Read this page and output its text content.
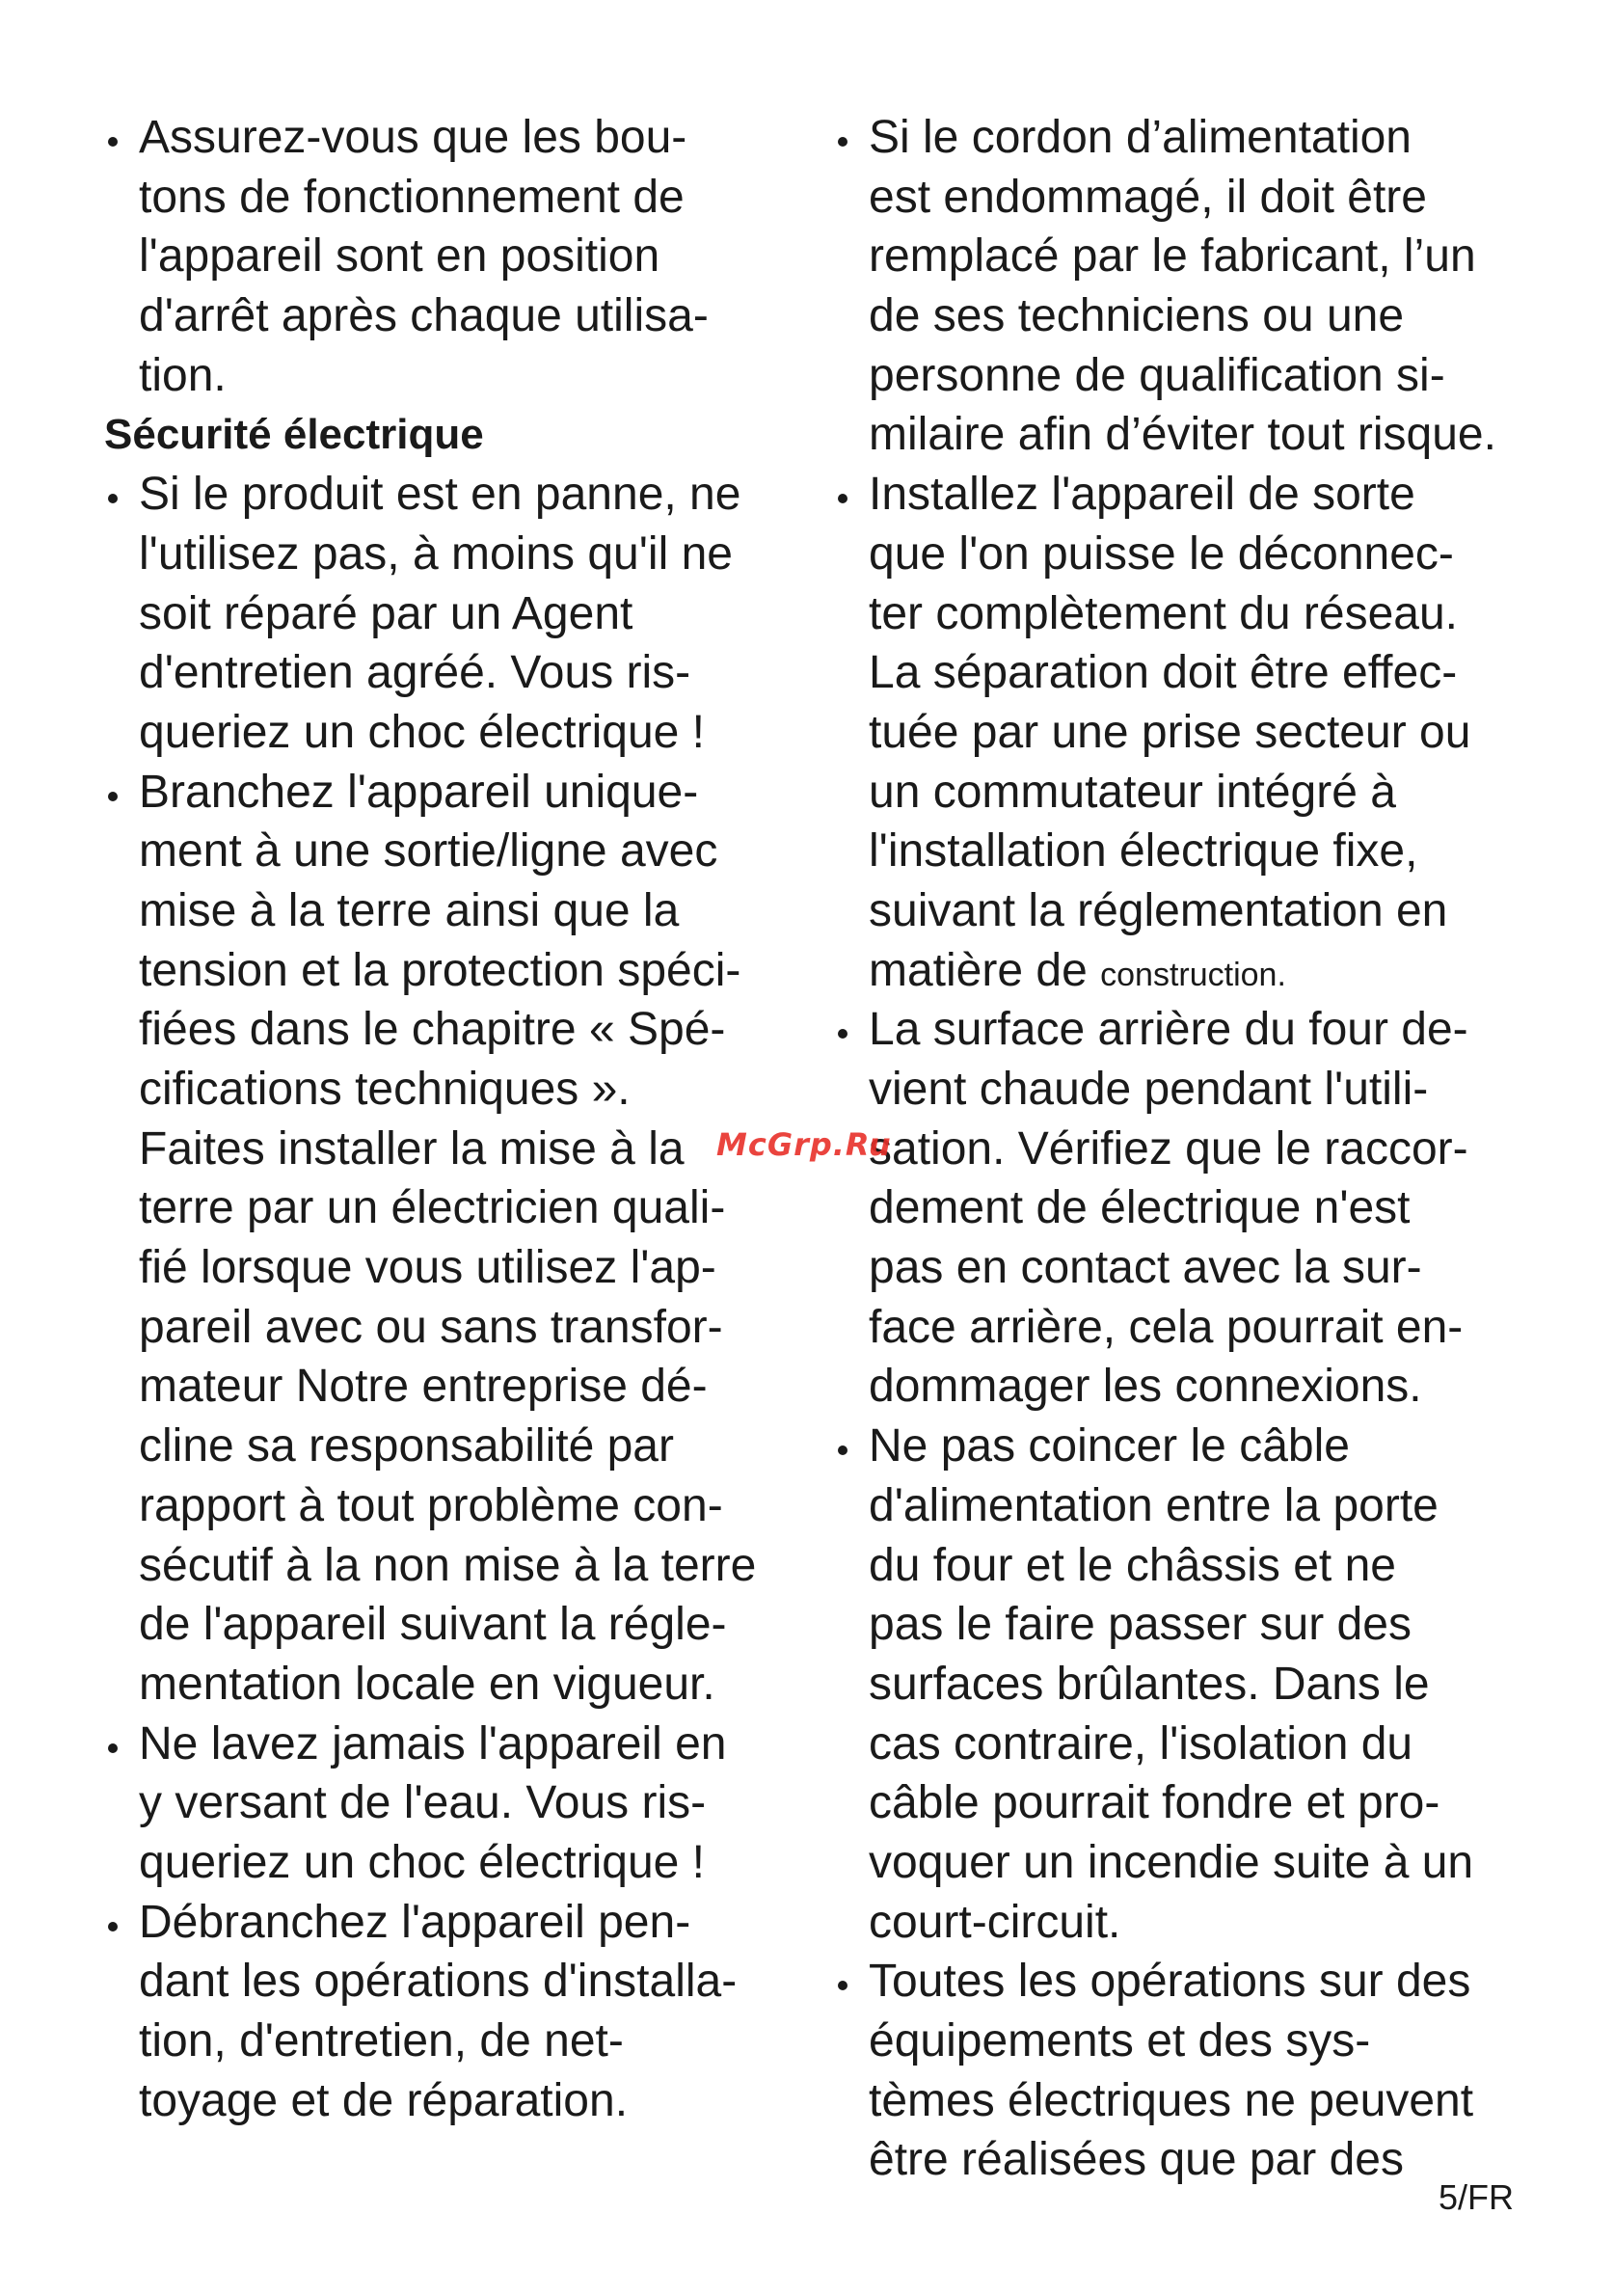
Assurez-vous que les bou-
tons de fonctionnement de
l'appareil sont en position
d'arrêt après chaque utilisa-
tion.
Sécurité électrique
Si le produit est en panne, ne
l'utilisez pas, à moins qu'il ne
soit réparé par un Agent
d'entretien agréé. Vous ris-
queriez un choc électrique !
Branchez l'appareil unique-
ment à une sortie/ligne avec
mise à la terre ainsi que la
tension et la protection spéci-
fiées dans le chapitre « Spé-
cifications techniques ».
Faites installer la mise à la
terre par un électricien quali-
fié lorsque vous utilisez l'ap-
pareil avec ou sans transfor-
mateur Notre entreprise dé-
cline sa responsabilité par
rapport à tout problème con-
sécutif à la non mise à la terre
de l'appareil suivant la régle-
mentation locale en vigueur.
Ne lavez jamais l'appareil en
y versant de l'eau. Vous ris-
queriez un choc électrique !
Débranchez l'appareil pen-
dant les opérations d'installa-
tion, d'entretien, de net-
toyage et de réparation.
Si le cordon d’alimentation
est endommagé, il doit être
remplacé par le fabricant, l’un
de ses techniciens ou une
personne de qualification si-
milaire afin d’éviter tout risque.
Installez l'appareil de sorte
que l'on puisse le déconnec-
ter complètement du réseau.
La séparation doit être effec-
tuée par une prise secteur ou
un commutateur intégré à
l'installation électrique fixe,
suivant la réglementation en
matière de construction.
La surface arrière du four de-
vient chaude pendant l'utili-
sation. Vérifiez que le raccor-
dement de électrique n'est
pas en contact avec la sur-
face arrière, cela pourrait en-
dommager les connexions.
Ne pas coincer le câble
d'alimentation entre la porte
du four et le châssis et ne
pas le faire passer sur des
surfaces brûlantes. Dans le
cas contraire, l'isolation du
câble pourrait fondre et pro-
voquer un incendie suite à un
court-circuit.
Toutes les opérations sur des
équipements et des sys-
tèmes électriques ne peuvent
être réalisées que par des
McGrp.Ru
5/FR
